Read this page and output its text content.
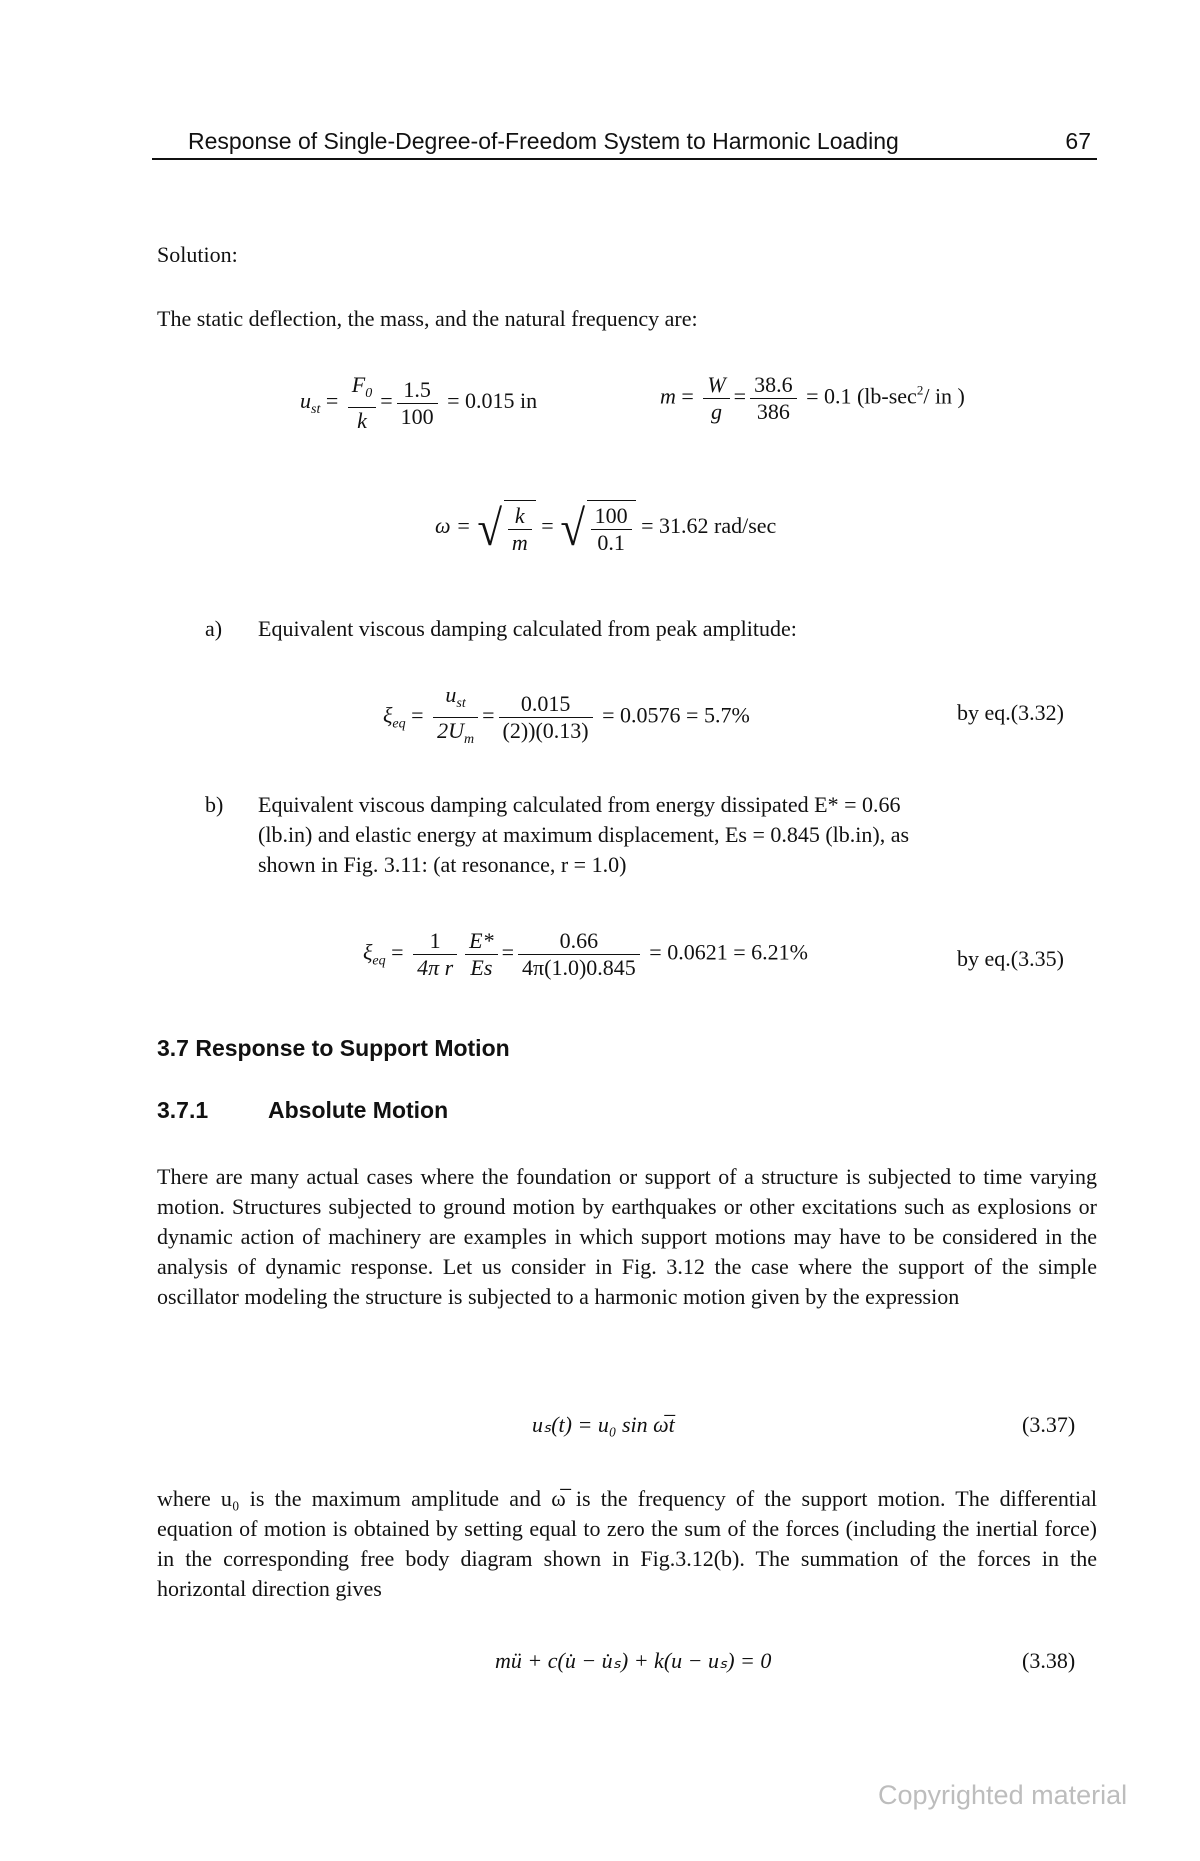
Response of Single-Degree-of-Freedom System to Harmonic Loading	67
Solution:
The static deflection, the mass, and the natural frequency are:
$u_{st} = \frac{F_0}{k} = \frac{1.5}{100} = 0.015$ in	$m = \frac{W}{g} = \frac{38.6}{386} = 0.1$ ($lb-\sec^2/$ in )
ω = √ $\frac{k}{m}$ = √ $\frac{100}{0.1} = 31.62$ rad/sec
a) Equivalent viscous damping calculated from peak amplitude:
$\xi_{eq} = \frac{u_{st}}{2U_m} = \frac{0.015}{(2))(0.13)} = 0.0576 = 5.7\%$	by eq.(3.32)
b) Equivalent viscous damping calculated from energy dissipated E* = 0.66
(lb.in) and elastic energy at maximum displacement, Es = 0.845 (lb.in), as
shown in Fig. 3.11: (at resonance, r = 1.0)
$\xi_{eq} = \frac{1}{\text{4π r}} \frac{E*}{Es} = \frac{0.66}{4\pi(1.0)0.845} = 0.0621 = 6.21\%$	by eq.(3.35)
3.7 Response to Support Motion
3.7.1	Absolute Motion
There are many actual cases where the foundation or support of a structure is subjected to time varying motion. Structures subjected to ground motion by earthquakes or other excitations such as explosions or dynamic action of machinery are examples in which support motions may have to be considered in the analysis of dynamic response. Let us consider in Fig. 3.12 the case where the support of the simple oscillator modeling the structure is subjected to a harmonic motion given by the expression
uₛ(t) = u₀ sin ω̅t	(3.37)
where u₀ is the maximum amplitude and ω̅ is the frequency of the support motion. The differential equation of motion is obtained by setting equal to zero the sum of the forces (including the inertial force) in the corresponding free body diagram shown in Fig.3.12(b). The summation of the forces in the horizontal direction gives
mü + c(u̇ − u̇ₛ) + k(u − uₛ) = 0	(3.38)
Copyrighted material
